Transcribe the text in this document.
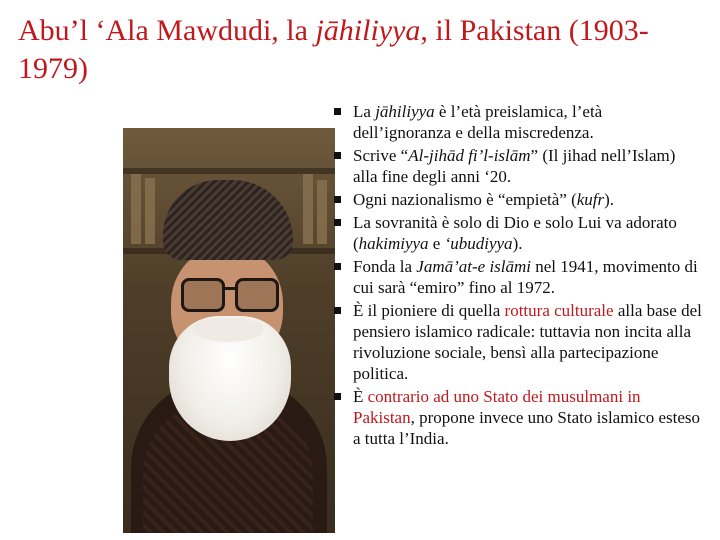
Abu’l ‘Ala Mawdudi, la jāhiliyya, il Pakistan (1903-1979)
La jāhiliyya è l’età preislamica, l’età dell’ignoranza e della miscredenza.
Scrive “Al-jihād fi’l-islām” (Il jihad nell’Islam) alla fine degli anni ‘20.
Ogni nazionalismo è “empietà” (kufr).
La sovranità è solo di Dio e solo Lui va adorato (hakimiyya e ‘ubudiyya).
Fonda la Jamā’at-e islāmi nel 1941, movimento di cui sarà “emiro” fino al 1972.
È il pioniere di quella rottura culturale alla base del pensiero islamico radicale: tuttavia non incita alla rivoluzione sociale, bensì alla partecipazione politica.
È contrario ad uno Stato dei musulmani in Pakistan, propone invece uno Stato islamico esteso a tutta l’India.
